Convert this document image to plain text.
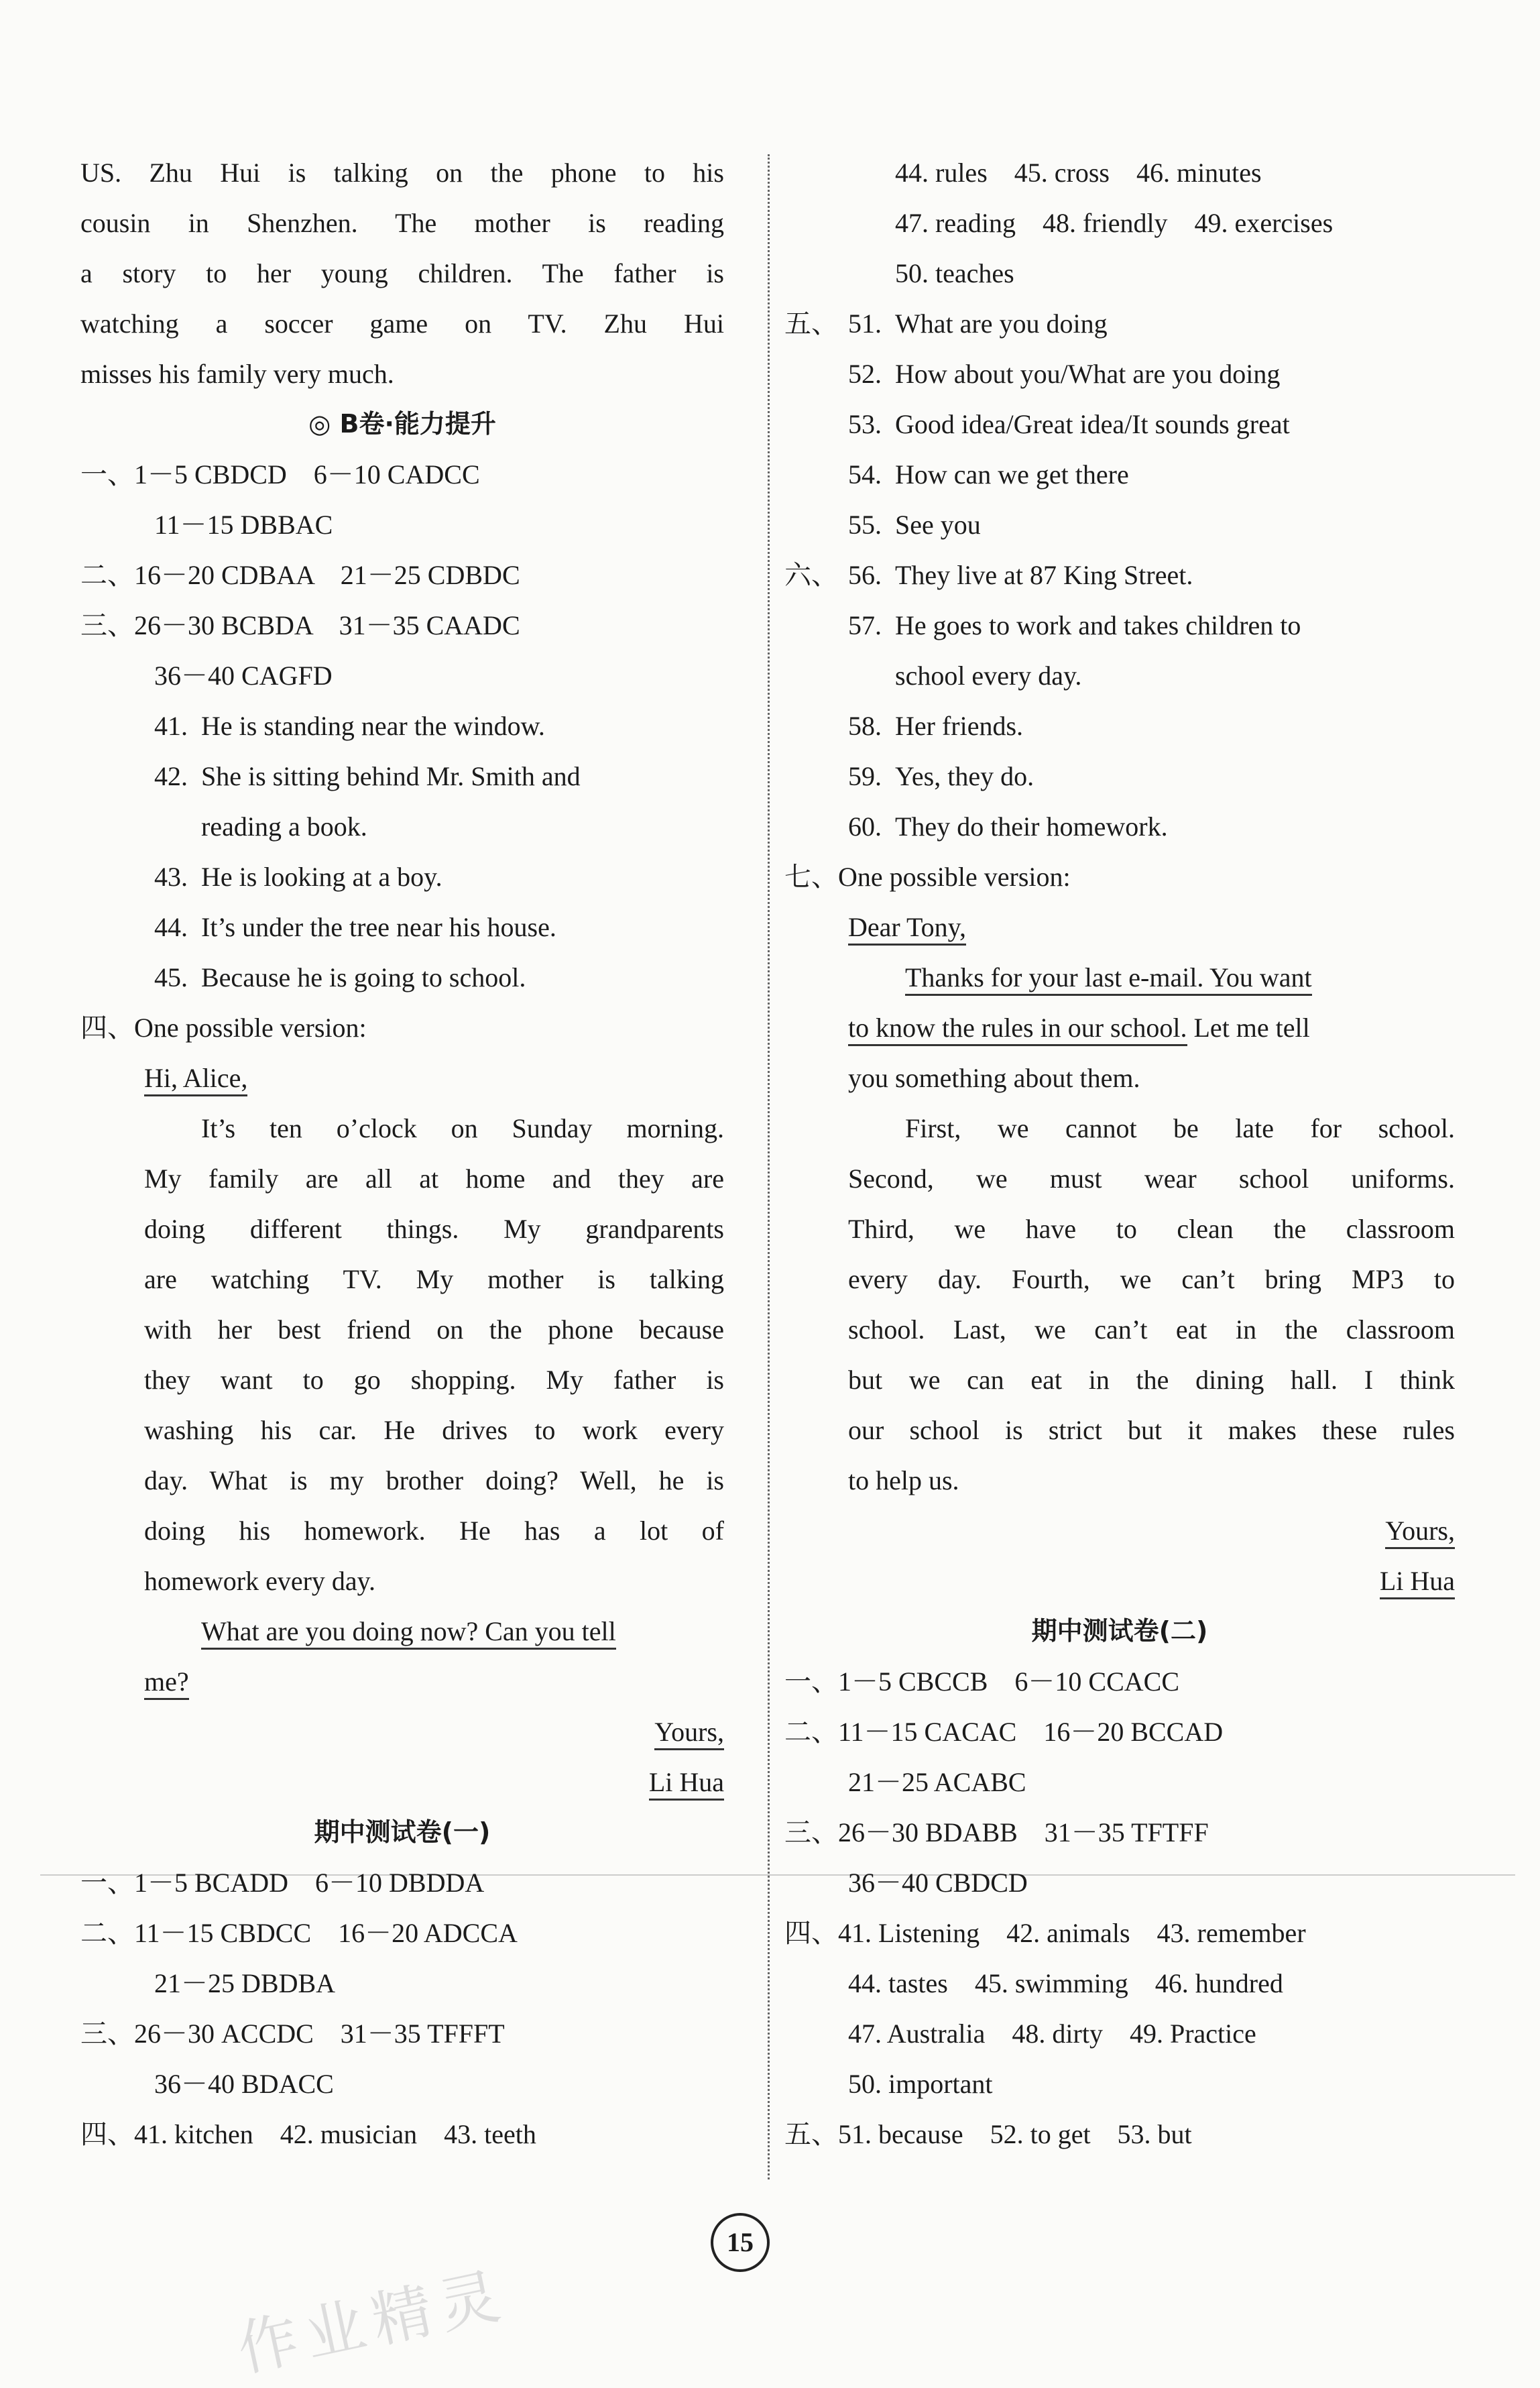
US. Zhu Hui is talking on the phone to his
cousin in Shenzhen. The mother is reading
a story to her young children. The father is
watching a soccer game on TV. Zhu Hui
misses his family very much.
◎ B卷·能力提升
一、1－5 CBDCD　6－10 CADCC
11－15 DBBAC
二、16－20 CDBAA　21－25 CDBDC
三、26－30 BCBDA　31－35 CAADC
36－40 CAGFD
41. He is standing near the window.
42. She is sitting behind Mr. Smith and
reading a book.
43. He is looking at a boy.
44. It’s under the tree near his house.
45. Because he is going to school.
四、One possible version:
Hi, Alice,
It’s ten o’clock on Sunday morning.
My family are all at home and they are
doing different things. My grandparents
are watching TV. My mother is talking
with her best friend on the phone because
they want to go shopping. My father is
washing his car. He drives to work every
day. What is my brother doing? Well, he is
doing his homework. He has a lot of
homework every day.
What are you doing now? Can you tell
me?
Yours,
Li Hua
期中测试卷(一)
一、1－5 BCADD　6－10 DBDDA
二、11－15 CBDCC　16－20 ADCCA
21－25 DBDBA
三、26－30 ACCDC　31－35 TFFFT
36－40 BDACC
四、41. kitchen　42. musician　43. teeth
44. rules　45. cross　46. minutes
47. reading　48. friendly　49. exercises
50. teaches
五、 51. What are you doing
52. How about you/What are you doing
53. Good idea/Great idea/It sounds great
54. How can we get there
55. See you
六、 56. They live at 87 King Street.
57. He goes to work and takes children to
school every day.
58. Her friends.
59. Yes, they do.
60. They do their homework.
七、One possible version:
Dear Tony,
Thanks for your last e-mail. You want
to know the rules in our school. Let me tell
you something about them.
First, we cannot be late for school.
Second, we must wear school uniforms.
Third, we have to clean the classroom
every day. Fourth, we can’t bring MP3 to
school. Last, we can’t eat in the classroom
but we can eat in the dining hall. I think
our school is strict but it makes these rules
to help us.
Yours,
Li Hua
期中测试卷(二)
一、1－5 CBCCB　6－10 CCACC
二、11－15 CACAC　16－20 BCCAD
21－25 ACABC
三、26－30 BDABB　31－35 TFTFF
36－40 CBDCD
四、41. Listening　42. animals　43. remember
44. tastes　45. swimming　46. hundred
47. Australia　48. dirty　49. Practice
50. important
五、51. because　52. to get　53. but
15
作业精灵
